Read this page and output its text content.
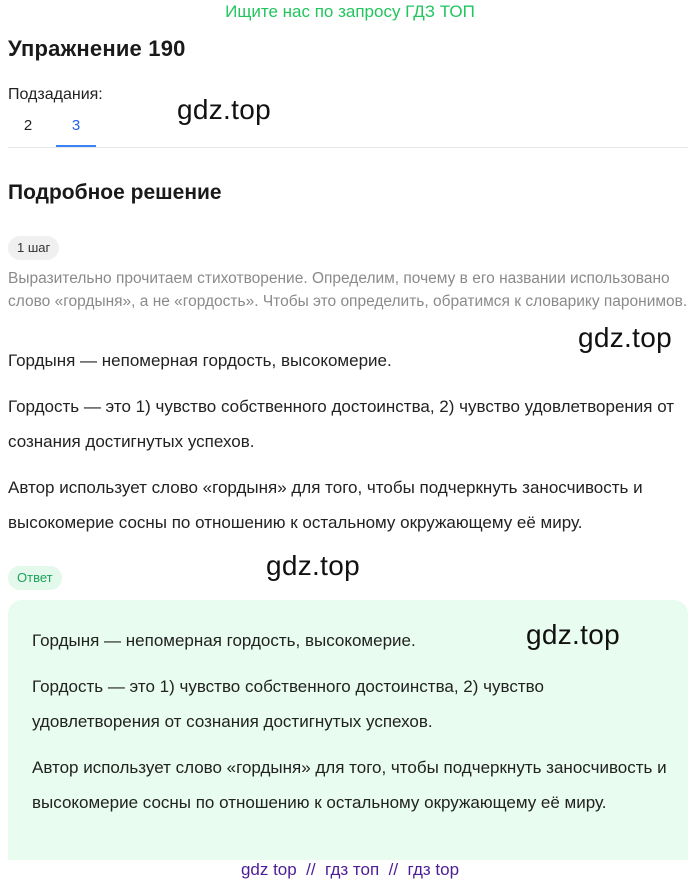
Ищите нас по запросу ГДЗ ТОП
Упражнение 190
Подзадания:
2	3
gdz.top
Подробное решение
1 шаг
Выразительно прочитаем стихотворение. Определим, почему в его названии использовано слово «гордыня», а не «гордость». Чтобы это определить, обратимся к словарику паронимов.
gdz.top

Гордыня — непомерная гордость, высокомерие.

Гордость — это 1) чувство собственного достоинства, 2) чувство удовлетворения от сознания достигнутых успехов.

Автор использует слово «гордыня» для того, чтобы подчеркнуть заносчивость и высокомерие сосны по отношению к остальному окружающему её миру.

Ответ	gdz.top
gdz.top

Гордыня — непомерная гордость, высокомерие.

Гордость — это 1) чувство собственного достоинства, 2) чувство удовлетворения от сознания достигнутых успехов.

Автор использует слово «гордыня» для того, чтобы подчеркнуть заносчивость и высокомерие сосны по отношению к остальному окружающему её миру.

gdz top  //  гдз топ  //  гдз top
